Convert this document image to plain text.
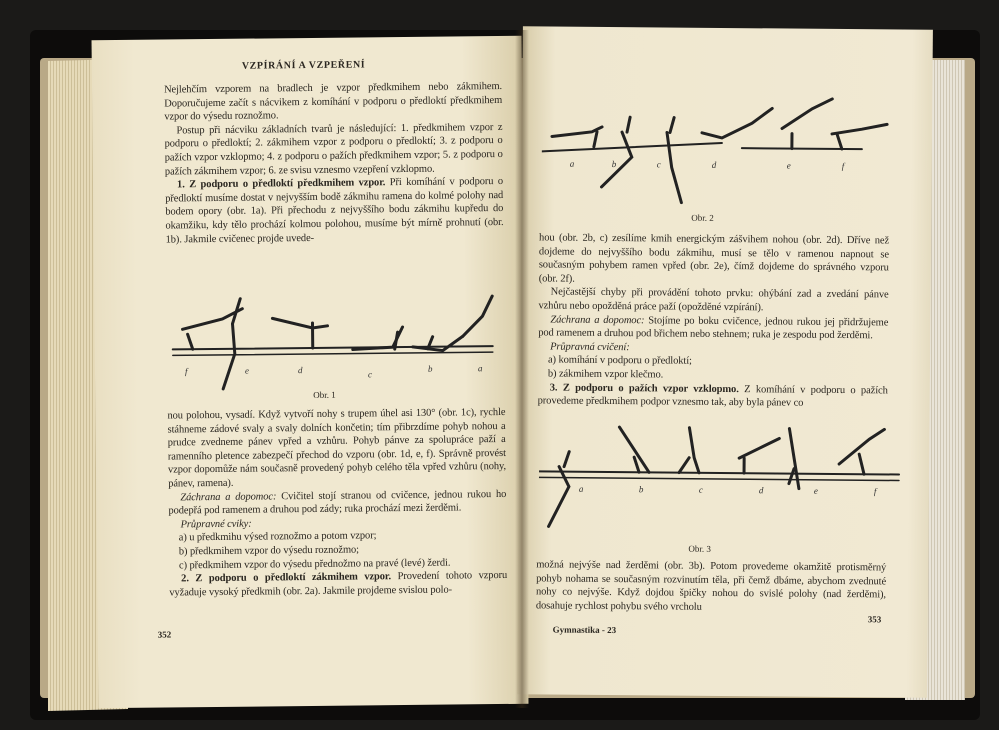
VZPÍRÁNÍ A VZPEŘENÍ

Nejlehčím vzporem na bradlech je vzpor předkmihem nebo zákmihem. Doporučujeme začít s nácvikem z komíhání v podporu o předloktí předkmihem vzpor do výsedu roznožmo.

Postup při nácviku základních tvarů je následující: 1. předkmihem vzpor z podporu o předloktí; 2. zákmihem vzpor z podporu o předloktí; 3. z podporu o pažích vzpor vzklopmo; 4. z podporu o pažích předkmihem vzpor; 5. z podporu o pažích zákmihem vzpor; 6. ze svisu vznesmo vzepření vzklopmo.

1. Z podporu o předloktí předkmihem vzpor. Při komíhání v podporu o předloktí musíme dostat v nejvyšším bodě zákmihu ramena do kolmé polohy nad bodem opory (obr. 1a). Při přechodu z nejvyššího bodu zákmihu kupředu do okamžiku, kdy tělo prochází kolmou polohou, musíme být mírně prohnutí (obr. 1b). Jakmile cvičenec projde uvede-

f	e	d	c
b	a
Obr. 1

nou polohou, vysadí. Když vytvoří nohy s trupem úhel asi 130° (obr. 1c), rychle stáhneme zádové svaly a svaly dolních končetin; tím přibrzdíme pohyb nohou a prudce zvedneme pánev vpřed a vzhůru. Pohyb pánve za spolupráce paží a ramenního pletence zabezpečí přechod do vzporu (obr. 1d, e, f). Správně provést vzpor dopomůže nám současně provedený pohyb celého těla vpřed vzhůru (nohy, pánev, ramena).

Záchrana a dopomoc: Cvičitel stojí stranou od cvičence, jednou rukou ho podepřá pod ramenem a druhou pod zády; ruka prochází mezi žerděmi.

Průpravné cviky:

a) u předkmihu výsed roznožmo a potom vzpor;

b) předkmihem vzpor do výsedu roznožmo;

c) předkmihem vzpor do výsedu přednožmo na pravé (levé) žerdi.

2. Z podporu o předloktí zákmihem vzpor. Provedení tohoto vzporu vyžaduje vysoký předkmih (obr. 2a). Jakmile projdeme svislou polo-

352
a	b	c	d	e	f
Obr. 2

hou (obr. 2b, c) zesílíme kmih energickým zášvihem nohou (obr. 2d). Dříve než dojdeme do nejvyššího bodu zákmihu, musí se tělo v ramenou napnout se současným pohybem ramen vpřed (obr. 2e), čímž dojdeme do správného vzporu (obr. 2f).

Nejčastější chyby při provádění tohoto prvku: ohýbání zad a zvedání pánve vzhůru nebo opožděná práce paží (opožděné vzpírání).

Záchrana a dopomoc: Stojíme po boku cvičence, jednou rukou jej přidržujeme pod ramenem a druhou pod břichem nebo stehnem; ruka je zespodu pod žerděmi.

Průpravná cvičení:

a) komíhání v podporu o předloktí;

b) zákmihem vzpor klečmo.

3. Z podporu o pažích vzpor vzklopmo. Z komíhání v podporu o pažích provedeme předkmihem podpor vznesmo tak, aby byla pánev co

a	b	c	d	e	f
Obr. 3

možná nejvýše nad žerděmi (obr. 3b). Potom provedeme okamžitě protisměrný pohyb nohama se současným rozvinutím těla, při čemž dbáme, abychom zvednuté nohy co nejvýše. Když dojdou špičky nohou do svislé polohy (nad žerděmi), dosahuje rychlost pohybu svého vrcholu

Gymnastika - 23
353
